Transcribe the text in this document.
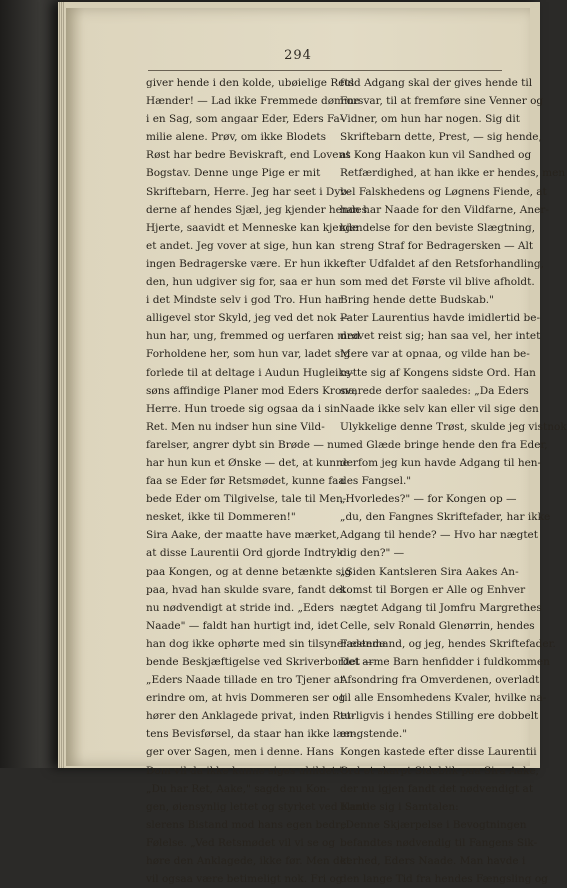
294
giver hende i den kolde, ubøielige Rets
Hænder! — Lad ikke Fremmede dømme
i en Sag, som angaar Eder, Eders Fa-
milie alene. Prøv, om ikke Blodets
Røst har bedre Beviskraft, end Lovens
Bogstav. Denne unge Pige er mit
Skriftebarn, Herre. Jeg har seet i Dyb-
derne af hendes Sjæl, jeg kjender hendes
Hjerte, saavidt et Menneske kan kjende
et andet. Jeg vover at sige, hun kan
ingen Bedragerske være. Er hun ikke
den, hun udgiver sig for, saa er hun
i det Mindste selv i god Tro. Hun har
alligevel stor Skyld, jeg ved det nok —
hun har, ung, fremmed og uerfaren med
Forholdene her, som hun var, ladet sig
forlede til at deltage i Audun Hugleiks-
søns affindige Planer mod Eders Krone,
Herre. Hun troede sig ogsaa da i sin
Ret. Men nu indser hun sine Vild-
farelser, angrer dybt sin Brøde — nu
har hun kun et Ønske — det, at kunne
faa se Eder før Retsmødet, kunne faa
bede Eder om Tilgivelse, tale til Men-
nesket, ikke til Dommeren!"
Sira Aake, der maatte have mærket,
at disse Laurentii Ord gjorde Indtryk
paa Kongen, og at denne betænkte sig
paa, hvad han skulde svare, fandt det
nu nødvendigt at stride ind. „Eders
Naade" — faldt han hurtigt ind, idet
han dog ikke ophørte med sin tilsyneladende
bende Beskjæftigelse ved Skriverbordet —
„Eders Naade tillade en tro Tjener at
erindre om, at hvis Dommeren ser og
hører den Anklagede privat, inden Ret-
tens Bevisførsel, da staar han ikke læn-
ger over Sagen, men i denne. Hans
Dom vil da ikke kunne siges uhildet."
„Du har Ret, Aake," sagde nu Kon-
gen, øiensynlig lettet og styrket ved Kant-
slerens Bistand mod hans egen bedre
Følelse. „Ved Retsmødet vil vi se og
høre den Anklagede, ikke før. Men det
vil ogsaa være betimeligt nok. Fri og
fuld Adgang skal der gives hende til
Forsvar, til at fremføre sine Venner og
Vidner, om hun har nogen. Sig dit
Skriftebarn dette, Prest, — sig hende,
at Kong Haakon kun vil Sandhed og
Retfærdighed, at han ikke er hendes, men
vel Falskhedens og Løgnens Fiende, at
han har Naade for den Vildfarne, Aner-
kjendelse for den beviste Slægtning,
streng Straf for Bedragersken — Alt
efter Udfaldet af den Retsforhandling,
som med det Første vil blive afholdt.
Bring hende dette Budskab."
Pater Laurentius havde imidlertid be-
drøvet reist sig; han saa vel, her intet
Mere var at opnaa, og vilde han be-
nytte sig af Kongens sidste Ord. Han
svarede derfor saaledes: „Da Eders
Naade ikke selv kan eller vil sige den
Ulykkelige denne Trøst, skulde jeg vistnok
med Glæde bringe hende den fra Eder,
derfom jeg kun havde Adgang til hen-
des Fangsel."
„Hvorledes?" — for Kongen op —
„du, den Fangnes Skriftefader, har ikke
Adgang til hende? — Hvo har nægtet
dig den?" —
„Siden Kantsleren Sira Aakes An-
komst til Borgen er Alle og Enhver
nægtet Adgang til Jomfru Margrethes
Celle, selv Ronald Glenørrin, hendes
Fæstemand, og jeg, hendes Skriftefader.
Det arme Barn henfidder i fuldkommen
Afsondring fra Omverdenen, overladt
til alle Ensomhedens Kvaler, hvilke na-
turligvis i hendes Stilling ere dobbelt
ængstende."
Kongen kastede efter disse Laurentii
Ord et skarpt Sideblik paa Sira Aake,
der nu igjen fandt det nødvendigt at
blande sig i Samtalen:
„Denne Skjærpelse i Bevogtningen
befandtes nødvendig til Fangens Sik-
kerhed, Eders Naade. Man havde i
den lange Tid fra hendes Fængsling og
